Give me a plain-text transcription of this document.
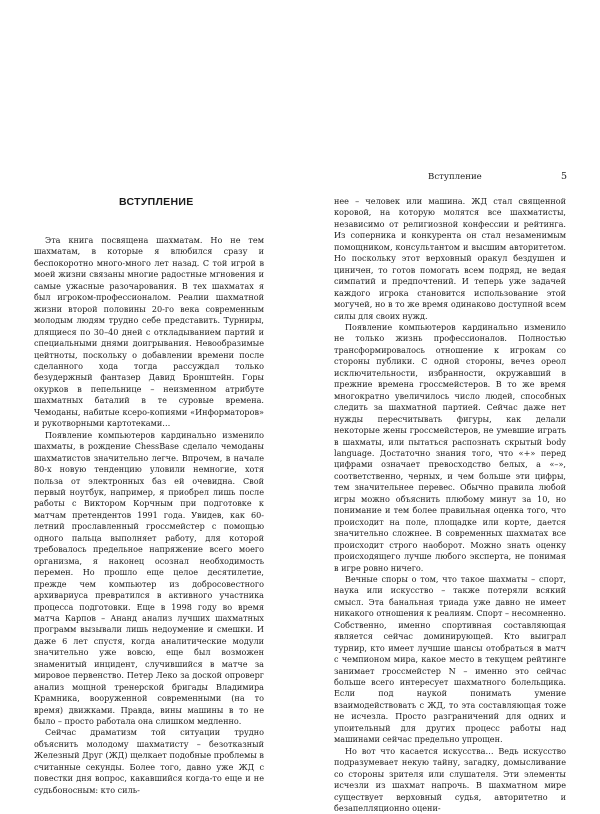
ВСТУПЛЕНИЕ

Эта книга посвящена шахматам. Но не тем шахматам, в которые я влюбился сразу и беспокоротно много-много лет назад. С той игрой в моей жизни связаны многие радостные мгновения и самые ужасные разочарования. В тех шахматах я был игроком-профессионалом. Реалии шахматной жизни второй половины 20-го века современным молодым людям трудно себе представить. Турниры, длящиеся по 30–40 дней с откладыванием партий и специальными днями доигрывания. Невообразимые цейтноты, поскольку о добавлении времени после сделанного хода тогда рассуждал только безудержный фантазер Давид Бронштейн. Горы окурков в пепельнице – неизменном атрибуте шахматных баталий в те суровые времена. Чемоданы, набитые ксеро-копиями «Информаторов» и рукотворными картотеками…

Появление компьютеров кардинально изменило шахматы, в рождение ChessBase сделало чемоданы шахматистов значительно легче. Впрочем, в начале 80-х новую тенденцию уловили немногие, хотя польза от электронных баз ей очевидна. Свой первый ноутбук, например, я приобрел лишь после работы с Виктором Корчным при подготовке к матчам претендентов 1991 года. Увидев, как 60-летний прославленный гроссмейстер с помощью одного пальца выполняет работу, для которой требовалось предельное напряжение всего моего организма, я наконец осознал необходимость перемен. Но прошло еще целое десятилетие, прежде чем компьютер из добросовестного архивариуса превратился в активного участника процесса подготовки. Еще в 1998 году во время матча Карпов – Ананд анализ лучших шахматных программ вызывали лишь недоумение и смешки. И даже 6 лет спустя, когда аналитические модули значительно уже вовсю, еще был возможен знаменитый инцидент, случившийся в матче за мировое первенство. Петер Леко за доской опроверг анализ мощной тренерской бригады Владимира Крамника, вооруженной современными (на то время) движками. Правда, вины машины в то не было – просто работала она слишком медленно.

Сейчас драматизм той ситуации трудно объяснить молодому шахматисту – безотказный Железный Друг (ЖД) щелкает подобные проблемы в считанные секунды. Более того, давно уже ЖД с повестки дня вопрос, какавшийся когда-то еще и не судьбоносным: кто силь-

Вступление	5

нее – человек или машина. ЖД стал священной коровой, на которую молятся все шахматисты, независимо от религиозной конфессии и рейтинга. Из соперника и конкурента он стал незаменимым помощником, консультантом и высшим авторитетом. Но поскольку этот верховный оракул бездушен и циничен, то готов помогать всем подряд, не ведая симпатий и предпочтений. И теперь уже задачей каждого игрока становится использование этой могучей, но в то же время одинаково доступной всем силы для своих нужд.

Появление компьютеров кардинально изменило не только жизнь профессионалов. Полностью трансформировалось отношение к игрокам со стороны публики. С одной стороны, вечез ореол исключительности, избранности, окружавший в прежние времена гроссмейстеров. В то же время многократно увеличилось число людей, способных следить за шахматной партией. Сейчас даже нет нужды пересчитывать фигуры, как делали некоторые жены гроссмейстеров, не умевшие играть в шахматы, или пытаться распознать скрытый body language. Достаточно знания того, что «+» перед цифрами означает превосходство белых, а «–», соответственно, черных, и чем больше эти цифры, тем значительнее перевес. Обычно правила любой игры можно объяснить плюбому минут за 10, но понимание и тем более правильная оценка того, что происходит на поле, площадке или корте, дается значительно сложнее. В современных шахматах все происходит строго наоборот. Можно знать оценку происходящего лучше любого эксперта, не понимая в игре ровно ничего.

Вечные споры о том, что такое шахматы – спорт, наука или искусство – также потеряли всякий смысл. Эта банальная триада уже давно не имеет никакого отношения к реалиям. Спорт – несомненно. Собственно, именно спортивная составляющая является сейчас доминирующей. Кто выиграл турнир, кто имеет лучшие шансы отобраться в матч с чемпионом мира, какое место в текущем рейтинге занимает гроссмейстер N – именно это сейчас больше всего интересует шахматного болельщика. Если под наукой понимать умение взаимодействовать с ЖД, то эта составляющая тоже не исчезла. Просто разграничений для одних и упоительный для других процесс работы над машинами сейчас предельно упрощен.

Но вот что касается искусства… Ведь искусство подразумевает некую тайну, загадку, домысливание со стороны зрителя или слушателя. Эти элементы исчезли из шахмат напрочь. В шахматном мире существует верховный судья, авторитетно и безапелляционно оцени-
